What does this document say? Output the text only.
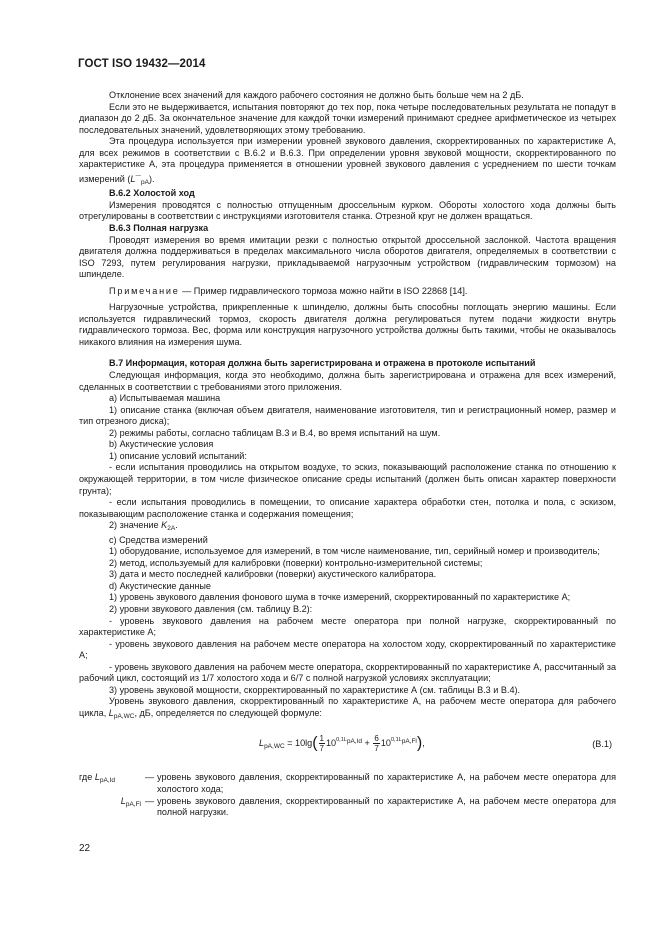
ГОСТ ISO 19432—2014

Отклонение всех значений для каждого рабочего состояния не должно быть больше чем на 2 дБ.

Если это не выдерживается, испытания повторяют до тех пор, пока четыре последовательных результата не попадут в диапазон до 2 дБ. За окончательное значение для каждой точки измерений принимают среднее арифметическое из четырех последовательных значений, удовлетворяющих этому требованию.

Эта процедура используется при измерении уровней звукового давления, скорректированных по характеристике А, для всех режимов в соответствии с В.6.2 и В.6.3. При определении уровня звуковой мощности, скорректированного по характеристике А, эта процедура применяется в отношении уровней звукового давления с усреднением по шести точкам измерений $(L^—_{pA})$.

В.6.2 Холостой ход

Измерения проводятся с полностью отпущенным дроссельным курком. Обороты холостого хода должны быть отрегулированы в соответствии с инструкциями изготовителя станка. Отрезной круг не должен вращаться.

В.6.3 Полная нагрузка

Проводят измерения во время имитации резки с полностью открытой дроссельной заслонкой. Частота вращения двигателя должна поддерживаться в пределах максимального числа оборотов двигателя, определяемых в соответствии с ISO 7293, путем регулирования нагрузки, прикладываемой нагрузочным устройством (гидравлическим тормозом) на шпинделе.

Примечание — Пример гидравлического тормоза можно найти в ISO 22868 [14].

Нагрузочные устройства, прикрепленные к шпинделю, должны быть способны поглощать энергию машины. Если используется гидравлический тормоз, скорость двигателя должна регулироваться путем подачи жидкости внутрь гидравлического тормоза. Вес, форма или конструкция нагрузочного устройства должны быть такими, чтобы не оказывалось никакого влияния на измерения шума.

В.7 Информация, которая должна быть зарегистрирована и отражена в протоколе испытаний

Следующая информация, когда это необходимо, должна быть зарегистрирована и отражена для всех измерений, сделанных в соответствии с требованиями этого приложения.

а) Испытываемая машина

1) описание станка (включая объем двигателя, наименование изготовителя, тип и регистрационный номер, размер и тип отрезного диска);

2) режимы работы, согласно таблицам В.3 и В.4, во время испытаний на шум.

b) Акустические условия

1) описание условий испытаний:

- если испытания проводились на открытом воздухе, то эскиз, показывающий расположение станка по отношению к окружающей территории, в том числе физическое описание среды испытаний (должен быть описан характер поверхности грунта);

- если испытания проводились в помещении, то описание характера обработки стен, потолка и пола, с эскизом, показывающим расположение станка и содержания помещения;

2) значение $K_{2A}$.

с) Средства измерений

1) оборудование, используемое для измерений, в том числе наименование, тип, серийный номер и производитель;

2) метод, используемый для калибровки (поверки) контрольно-измерительной системы;

3) дата и место последней калибровки (поверки) акустического калибратора.

d) Акустические данные

1) уровень звукового давления фонового шума в точке измерений, скорректированный по характеристике А;

2) уровни звукового давления (см. таблицу В.2):

- уровень звукового давления на рабочем месте оператора при полной нагрузке, скорректированный по характеристике А;

- уровень звукового давления на рабочем месте оператора на холостом ходу, скорректированный по характеристике А;

- уровень звукового давления на рабочем месте оператора, скорректированный по характеристике А, рассчитанный за рабочий цикл, состоящий из 1/7 холостого хода и 6/7 с полной нагрузкой условиях эксплуатации;

3) уровень звуковой мощности, скорректированный по характеристике А (см. таблицы В.3 и В.4).

Уровень звукового давления, скорректированный по характеристике А, на рабочем месте оператора для рабочего цикла, $L_{pA,WC}$, дБ, определяется по следующей формуле:

$L_{pA,WC} = 10\lg( \frac{1}{7} 10^{0,1L_{pA,Id}} + \frac{6}{7} 10^{0,1L_{pA,Fl}})$,	(В.1)
где $L_{pA,Id}$	— уровень звукового давления, скорректированный по характеристике А, на рабочем месте оператора для холостого хода;
$L_{pA,Fl}$ — уровень звукового давления, скорректированный по характеристике А, на рабочем месте оператора для полной нагрузки.
22
